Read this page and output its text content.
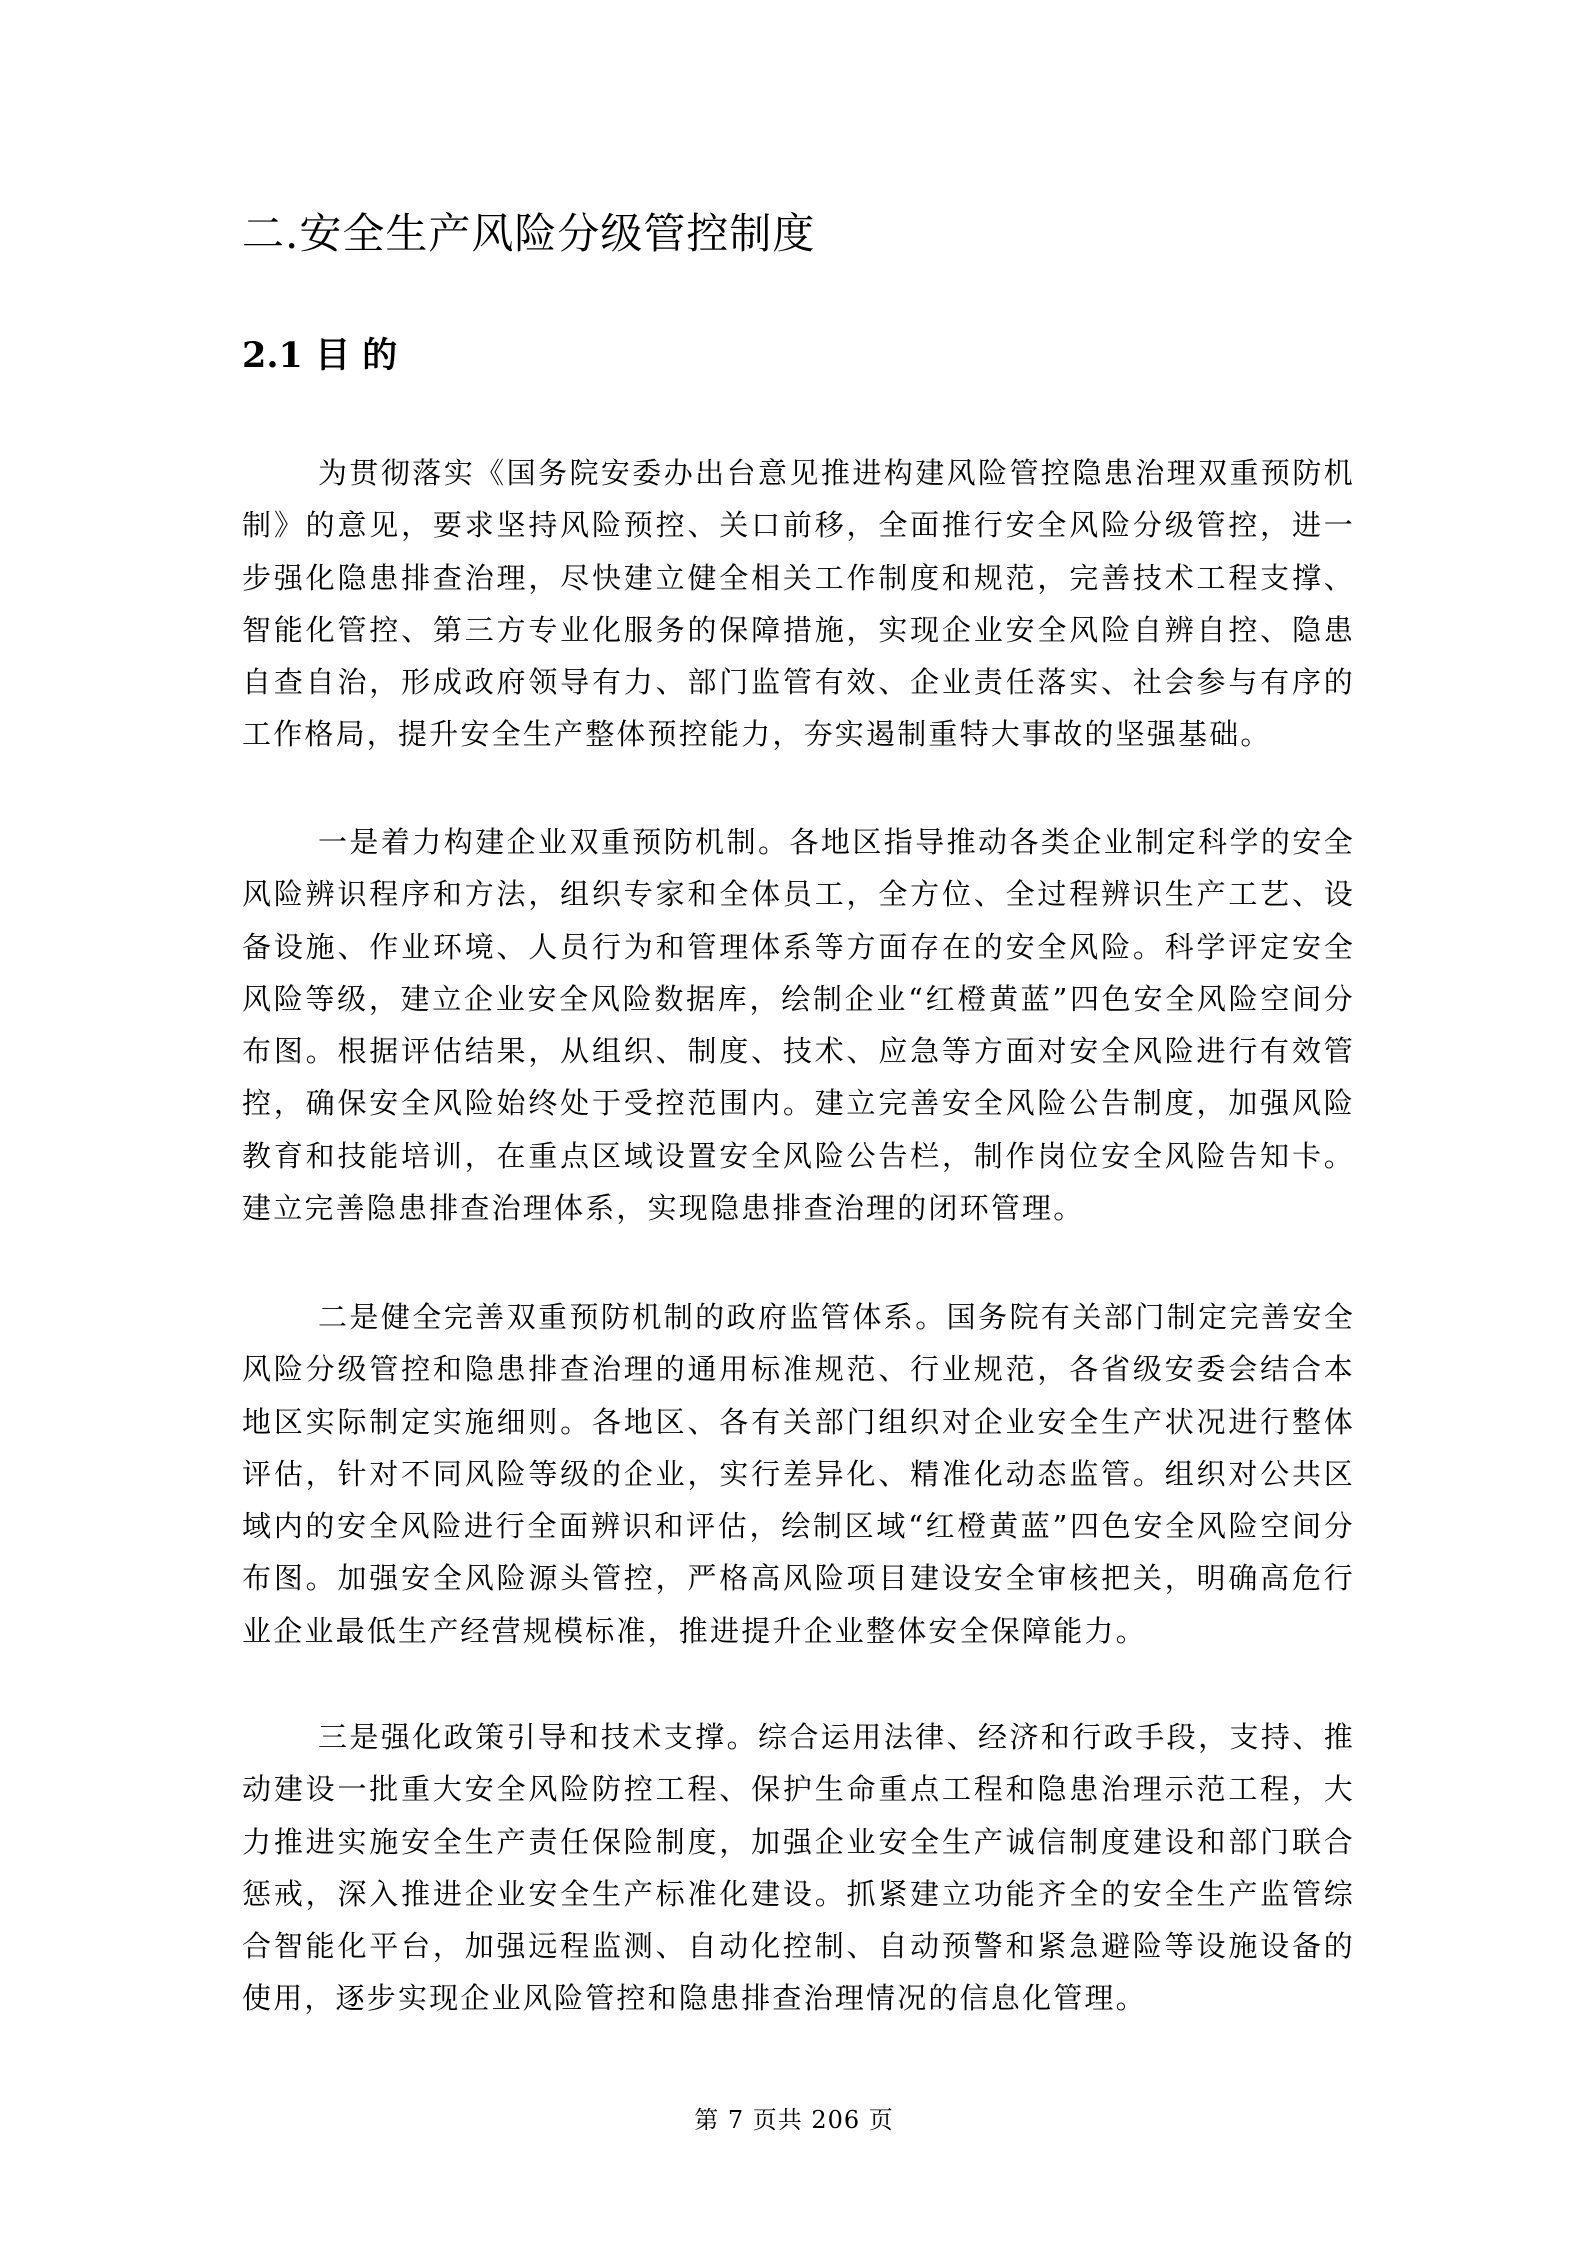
二.安全生产风险分级管控制度
2.1 目 的

为贯彻落实《国务院安委办出台意见推进构建风险管控隐患治理双重预防机制》的意见，要求坚持风险预控、关口前移，全面推行安全风险分级管控，进一步强化隐患排查治理，尽快建立健全相关工作制度和规范，完善技术工程支撑、智能化管控、第三方专业化服务的保障措施，实现企业安全风险自辨自控、隐患自查自治，形成政府领导有力、部门监管有效、企业责任落实、社会参与有序的工作格局，提升安全生产整体预控能力，夯实遏制重特大事故的坚强基础。

一是着力构建企业双重预防机制。各地区指导推动各类企业制定科学的安全风险辨识程序和方法，组织专家和全体员工，全方位、全过程辨识生产工艺、设备设施、作业环境、人员行为和管理体系等方面存在的安全风险。科学评定安全风险等级，建立企业安全风险数据库，绘制企业“红橙黄蓝”四色安全风险空间分布图。根据评估结果，从组织、制度、技术、应急等方面对安全风险进行有效管控，确保安全风险始终处于受控范围内。建立完善安全风险公告制度，加强风险教育和技能培训，在重点区域设置安全风险公告栏，制作岗位安全风险告知卡。建立完善隐患排查治理体系，实现隐患排查治理的闭环管理。

二是健全完善双重预防机制的政府监管体系。国务院有关部门制定完善安全风险分级管控和隐患排查治理的通用标准规范、行业规范，各省级安委会结合本地区实际制定实施细则。各地区、各有关部门组织对企业安全生产状况进行整体评估，针对不同风险等级的企业，实行差异化、精准化动态监管。组织对公共区域内的安全风险进行全面辨识和评估，绘制区域“红橙黄蓝”四色安全风险空间分布图。加强安全风险源头管控，严格高风险项目建设安全审核把关，明确高危行业企业最低生产经营规模标准，推进提升企业整体安全保障能力。

三是强化政策引导和技术支撑。综合运用法律、经济和行政手段，支持、推动建设一批重大安全风险防控工程、保护生命重点工程和隐患治理示范工程，大力推进实施安全生产责任保险制度，加强企业安全生产诚信制度建设和部门联合惩戒，深入推进企业安全生产标准化建设。抓紧建立功能齐全的安全生产监管综合智能化平台，加强远程监测、自动化控制、自动预警和紧急避险等设施设备的使用，逐步实现企业风险管控和隐患排查治理情况的信息化管理。

第 7 页共 206 页
